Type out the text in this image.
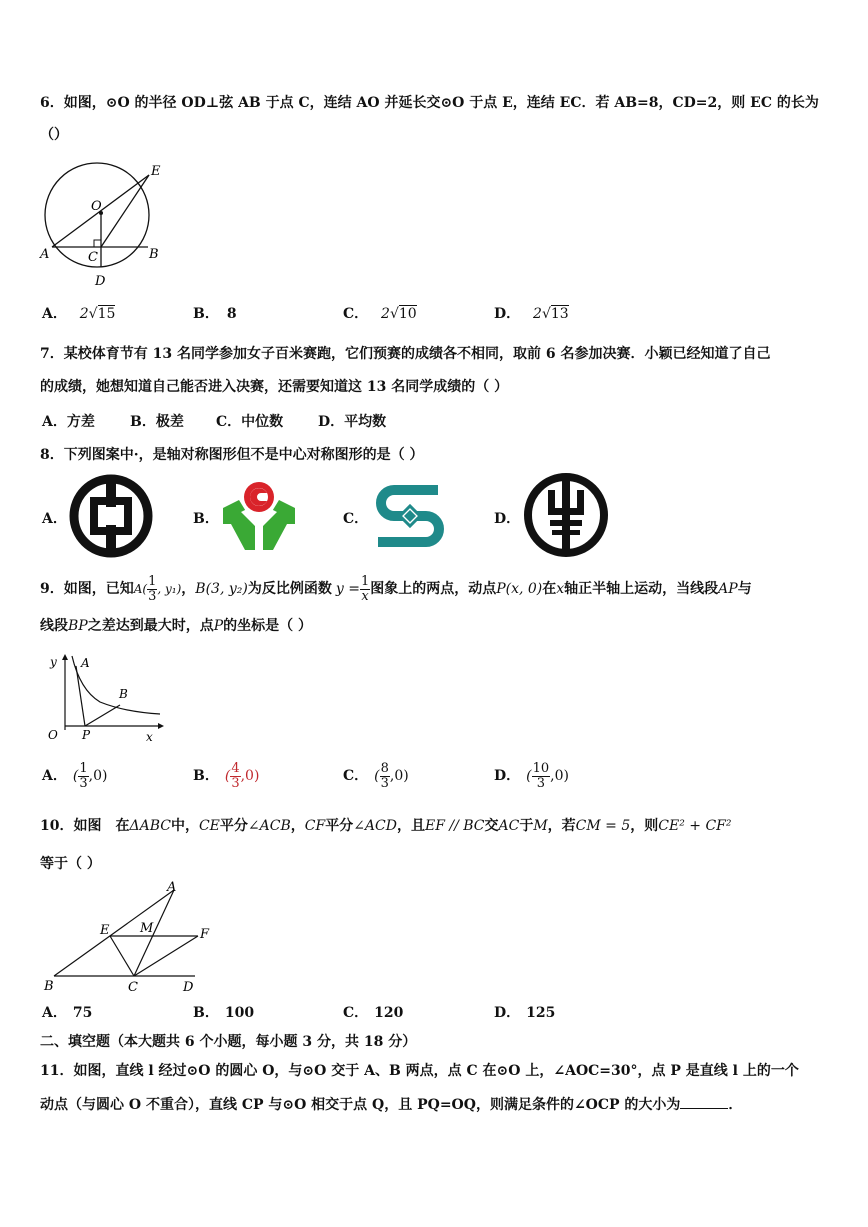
6．如图，⊙O 的半径 OD⊥弦 AB 于点 C，连结 AO 并延长交⊙O 于点 E，连结 EC．若 AB=8，CD=2，则 EC 的长为
（）
O
E
A	B
C
D
A． 2√15	B． 8	C． 2√10	D． 2√13
7．某校体育节有 13 名同学参加女子百米赛跑，它们预赛的成绩各不相同，取前 6 名参加决赛．小颖已经知道了自己
的成绩，她想知道自己能否进入决赛，还需要知道这 13 名同学成绩的（ ）
A．方差	B．极差 C．中位数 D．平均数
8．下列图案中·，是轴对称图形但不是中心对称图形的是（ ）
A．	B．	C．	D．
9．如图，已知$A( \frac{1}{3}$ , y₁)，B(3, y₂)为反比例函数 $y = \frac{1}{x}$ 图象上的两点，动点P(x, 0)在x轴正半轴上运动，当线段AP与
线段BP之差达到最大时，点P的坐标是（ ）
y A
B
O P	x
A． ( $\frac{1}{3} ,0$)	B． ( $\frac{4}{3} ,0$)	C． ( $\frac{8}{3} ,0$)	D． ( $\frac{10}{3} ,0$)
10．如图　在ΔABC中，CE平分∠ACB，CF平分∠ACD，且EF // BC交AC于M，若CM = 5，则CE² + CF²
等于（ ）
A
E M	F
B	C	D
A． 75	B． 100	C． 120	D． 125
二、填空题（本大题共 6 个小题，每小题 3 分，共 18 分）
11．如图，直线 l 经过⊙O 的圆心 O，与⊙O 交于 A、B 两点，点 C 在⊙O 上，∠AOC=30°，点 P 是直线 l 上的一个
动点（与圆心 O 不重合），直线 CP 与⊙O 相交于点 Q，且 PQ=OQ，则满足条件的∠OCP 的大小为	．
